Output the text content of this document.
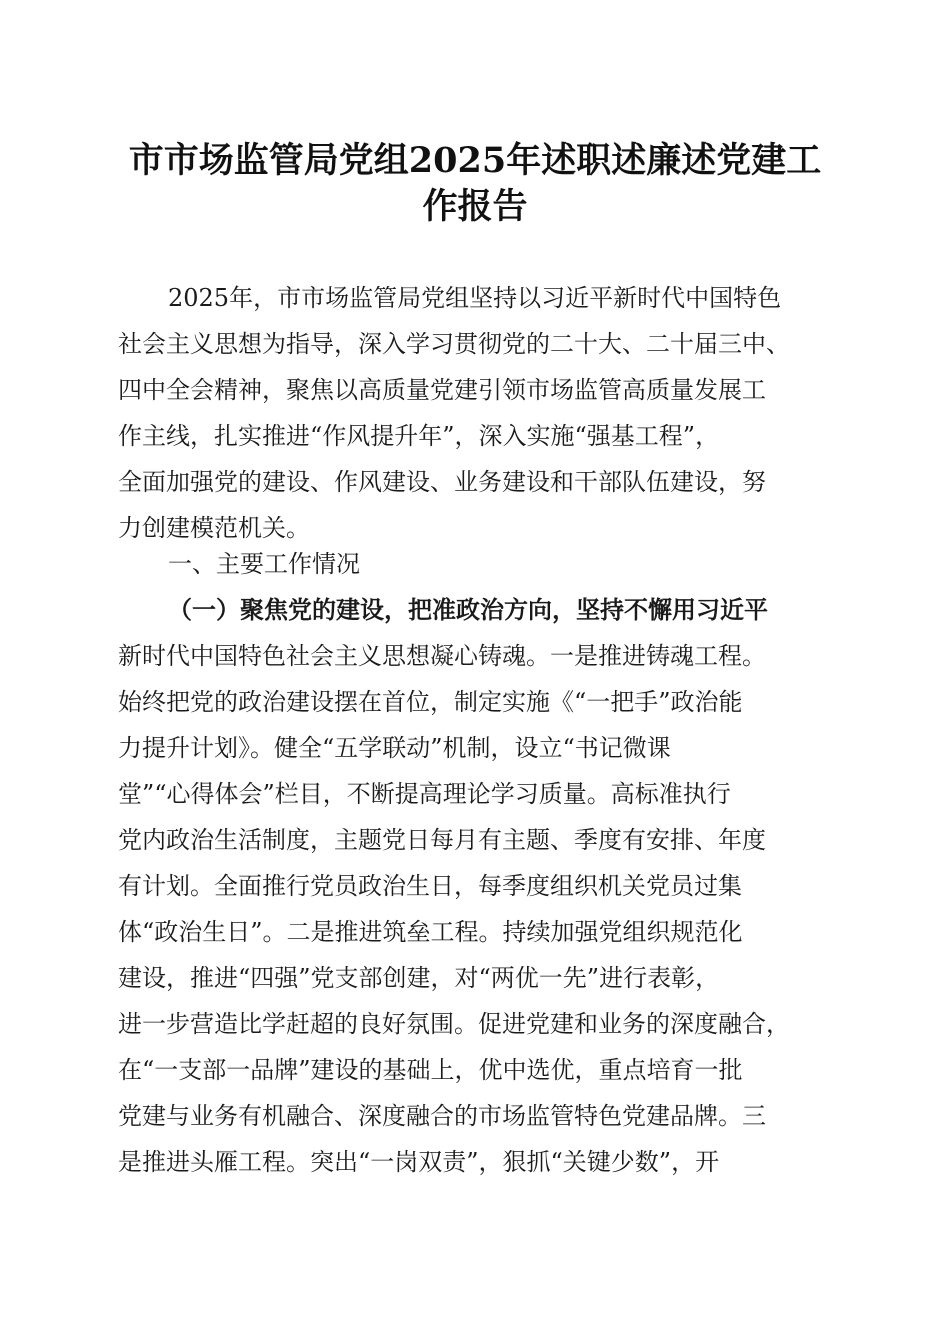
市市场监管局党组2025年述职述廉述党建工
作报告
2025年，市市场监管局党组坚持以习近平新时代中国特色
社会主义思想为指导，深入学习贯彻党的二十大、二十届三中、
四中全会精神，聚焦以高质量党建引领市场监管高质量发展工
作主线，扎实推进“作风提升年”，深入实施“强基工程”，
全面加强党的建设、作风建设、业务建设和干部队伍建设，努
力创建模范机关。
一、主要工作情况
（一）聚焦党的建设，把准政治方向，坚持不懈用习近平
新时代中国特色社会主义思想凝心铸魂。一是推进铸魂工程。
始终把党的政治建设摆在首位，制定实施《“一把手”政治能
力提升计划》。健全“五学联动”机制，设立“书记微课
堂”“心得体会”栏目，不断提高理论学习质量。高标准执行
党内政治生活制度，主题党日每月有主题、季度有安排、年度
有计划。全面推行党员政治生日，每季度组织机关党员过集
体“政治生日”。二是推进筑垒工程。持续加强党组织规范化
建设，推进“四强”党支部创建，对“两优一先”进行表彰，
进一步营造比学赶超的良好氛围。促进党建和业务的深度融合，
在“一支部一品牌”建设的基础上，优中选优，重点培育一批
党建与业务有机融合、深度融合的市场监管特色党建品牌。三
是推进头雁工程。突出“一岗双责”，狠抓“关键少数”，开
